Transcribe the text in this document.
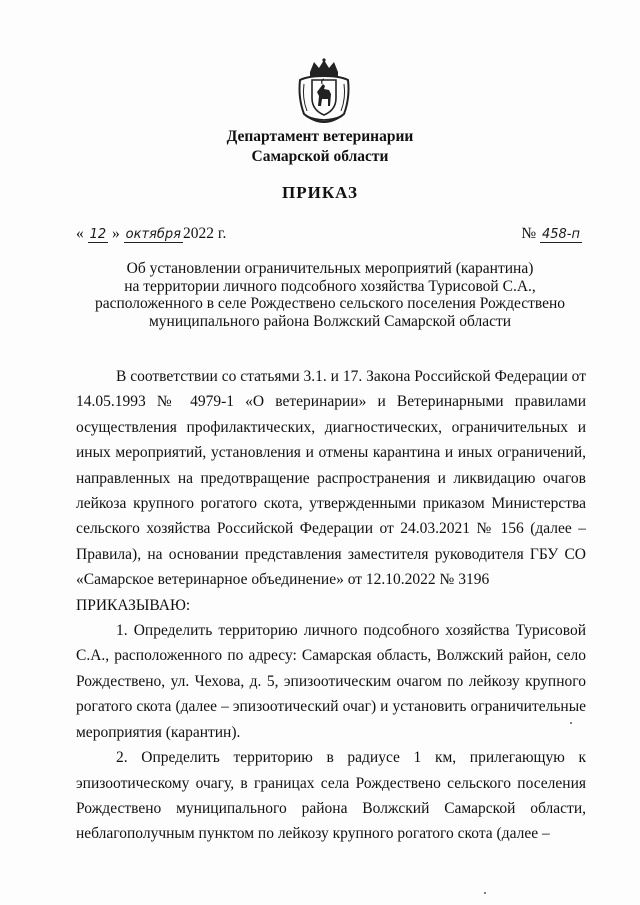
Департамент ветеринарии
Самарской области
ПРИКАЗ
« 12 » октября 2022 г.	№ 458-п
Об установлении ограничительных мероприятий (карантина)
на территории личного подсобного хозяйства Турисовой С.А.,
расположенного в селе Рождествено сельского поселения Рождествено
муниципального района Волжский Самарской области

В соответствии со статьями 3.1. и 17. Закона Российской Федерации от 14.05.1993 № 4979-1 «О ветеринарии» и Ветеринарными правилами осуществления профилактических, диагностических, ограничительных и иных мероприятий, установления и отмены карантина и иных ограничений, направленных на предотвращение распространения и ликвидацию очагов лейкоза крупного рогатого скота, утвержденными приказом Министерства сельского хозяйства Российской Федерации от 24.03.2021 № 156 (далее – Правила), на основании представления заместителя руководителя ГБУ СО «Самарское ветеринарное объединение» от 12.10.2022 № 3196

ПРИКАЗЫВАЮ:

1. Определить территорию личного подсобного хозяйства Турисовой С.А., расположенного по адресу: Самарская область, Волжский район, село Рождествено, ул. Чехова, д. 5, эпизоотическим очагом по лейкозу крупного рогатого скота (далее – эпизоотический очаг) и установить ограничительные мероприятия (карантин).

2. Определить территорию в радиусе 1 км, прилегающую к эпизоотическому очагу, в границах села Рождествено сельского поселения Рождествено муниципального района Волжский Самарской области, неблагополучным пунктом по лейкозу крупного рогатого скота (далее –
